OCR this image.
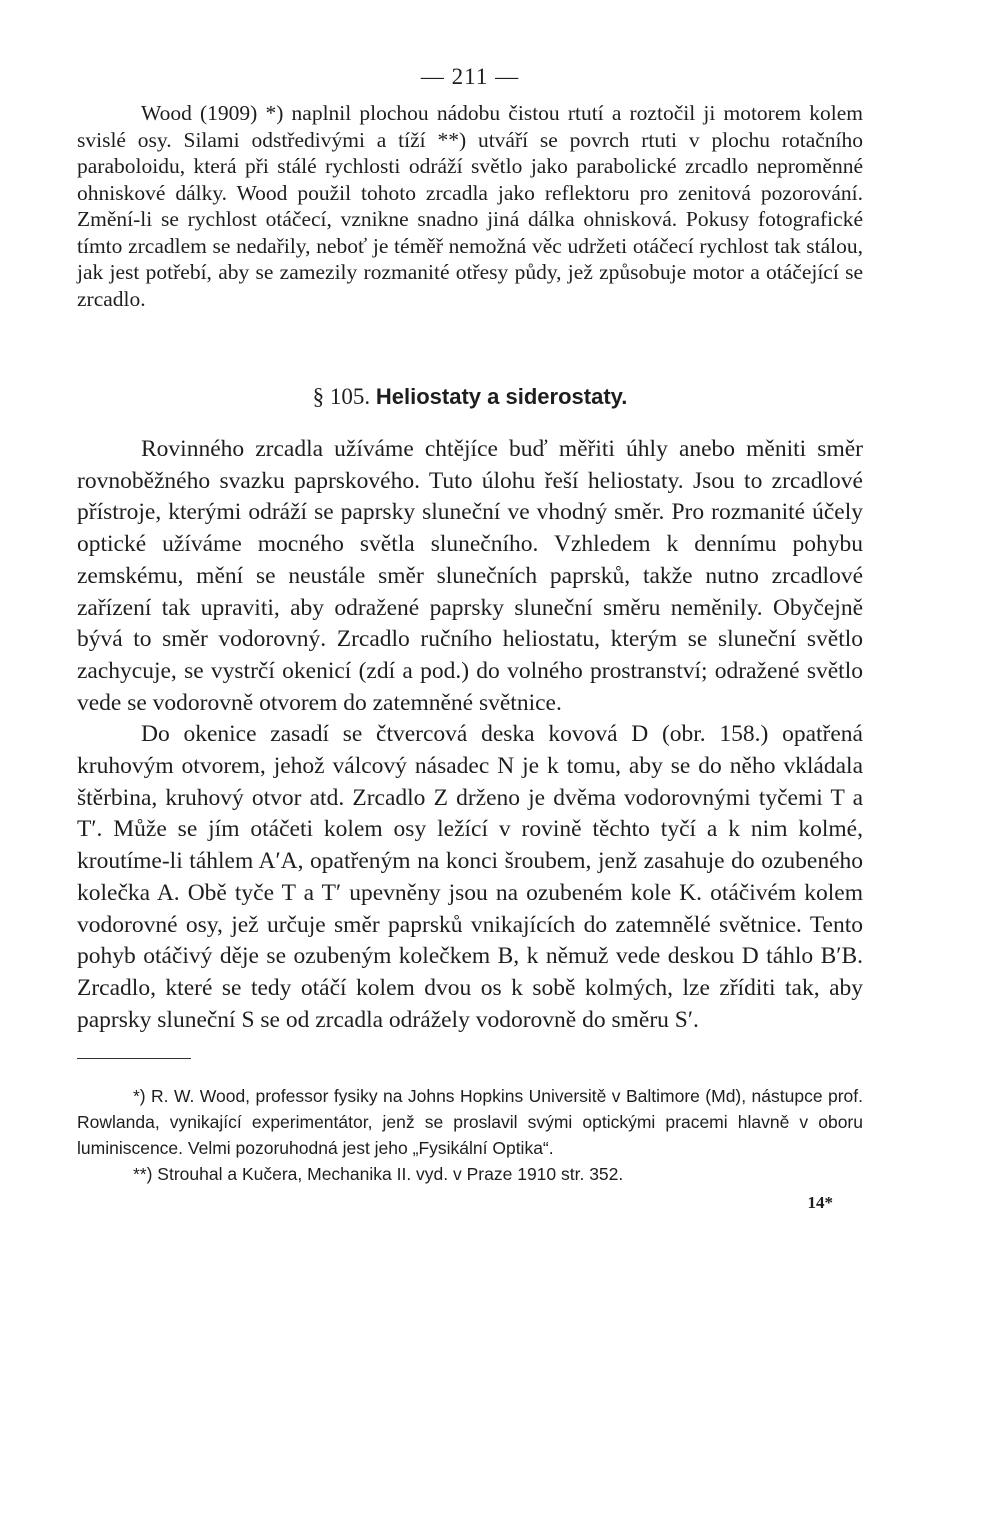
— 211 —

Wood (1909) *) naplnil plochou nádobu čistou rtutí a roztočil ji motorem kolem svislé osy. Silami odstředivými a tíží **) utváří se povrch rtuti v plochu rotačního paraboloidu, která při stálé rychlosti odráží světlo jako parabolické zrcadlo neproměnné ohniskové dálky. Wood použil tohoto zrcadla jako reflektoru pro zenitová pozorování. Změní-li se rychlost otáčecí, vznikne snadno jiná dálka ohnisková. Pokusy fotografické tímto zrcadlem se nedařily, neboť je téměř nemožná věc udržeti otáčecí rychlost tak stálou, jak jest potřebí, aby se zamezily rozmanité otřesy půdy, jež způsobuje motor a otáčející se zrcadlo.

§ 105. Heliostaty a siderostaty.

Rovinného zrcadla užíváme chtějíce buď měřiti úhly anebo měniti směr rovnoběžného svazku paprskového. Tuto úlohu řeší heliostaty. Jsou to zrcadlové přístroje, kterými odráží se paprsky sluneční ve vhodný směr. Pro rozmanité účely optické užíváme mocného světla slunečního. Vzhledem k dennímu pohybu zemskému, mění se neustále směr slunečních paprsků, takže nutno zrcadlové zařízení tak upraviti, aby odražené paprsky sluneční směru neměnily. Obyčejně bývá to směr vodorovný. Zrcadlo ručního heliostatu, kterým se sluneční světlo zachycuje, se vystrčí okenicí (zdí a pod.) do volného prostranství; odražené světlo vede se vodorovně otvorem do zatemněné světnice.

Do okenice zasadí se čtvercová deska kovová D (obr. 158.) opatřená kruhovým otvorem, jehož válcový násadec N je k tomu, aby se do něho vkládala štěrbina, kruhový otvor atd. Zrcadlo Z drženo je dvěma vodorovnými tyčemi T a T′. Může se jím otáčeti kolem osy ležící v rovině těchto tyčí a k nim kolmé, kroutíme-li táhlem A′A, opatřeným na konci šroubem, jenž zasahuje do ozubeného kolečka A. Obě tyče T a T′ upevněny jsou na ozubeném kole K. otáčivém kolem vodorovné osy, jež určuje směr paprsků vnikajících do zatemnělé světnice. Tento pohyb otáčivý děje se ozubeným kolečkem B, k němuž vede deskou D táhlo B′B. Zrcadlo, které se tedy otáčí kolem dvou os k sobě kolmých, lze zříditi tak, aby paprsky sluneční S se od zrcadla odrážely vodorovně do směru S′.

*) R. W. Wood, professor fysiky na Johns Hopkins Universitě v Baltimore (Md), nástupce prof. Rowlanda, vynikající experimentátor, jenž se proslavil svými optickými pracemi hlavně v oboru luminiscence. Velmi pozoruhodná jest jeho „Fysikální Optika“.

**) Strouhal a Kučera, Mechanika II. vyd. v Praze 1910 str. 352.

14*
